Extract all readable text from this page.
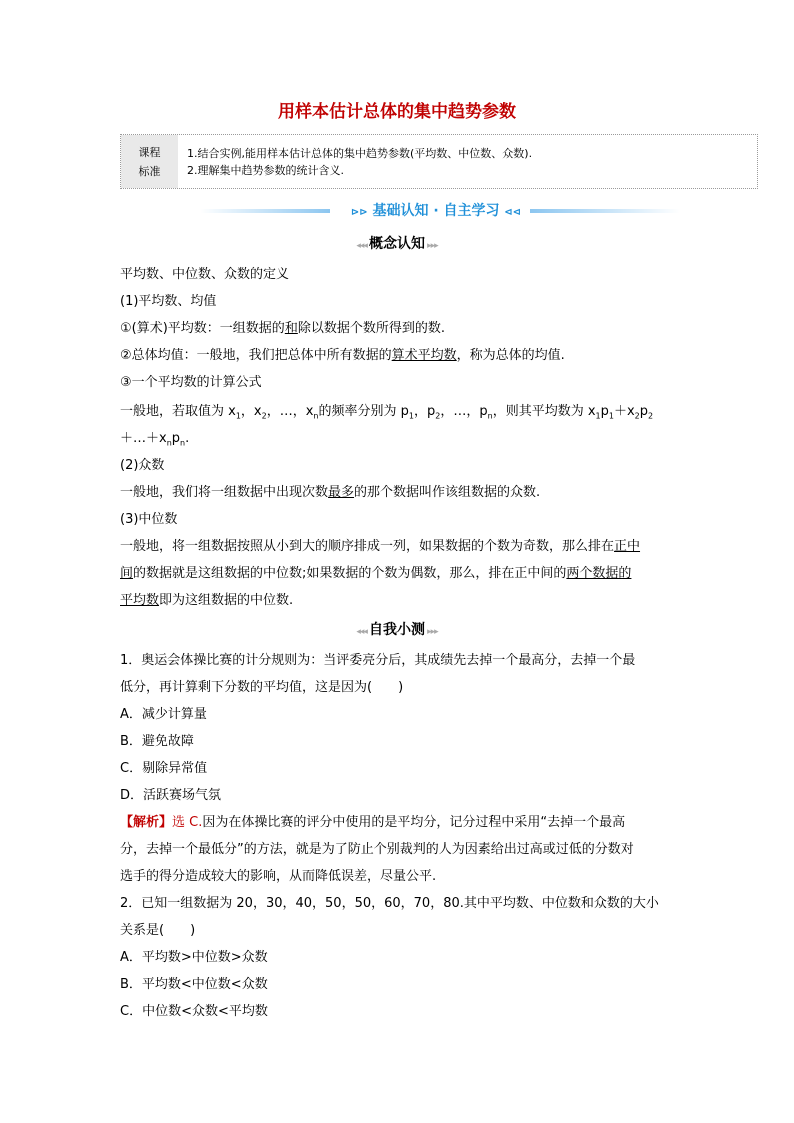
用样本估计总体的集中趋势参数
课程
标准
1.结合实例,能用样本估计总体的集中趋势参数(平均数、中位数、众数).
2.理解集中趋势参数的统计含义.
⊳⊳ 基础认知 · 自主学习 ⊲⊲
◂◂◂ 概念认知 ▸▸▸
平均数、中位数、众数的定义
(1)平均数、均值
①(算术)平均数：一组数据的和除以数据个数所得到的数.
②总体均值：一般地，我们把总体中所有数据的算术平均数，称为总体的均值.
③一个平均数的计算公式
一般地，若取值为 $x_1$，$x_2$，…，$x_n$的频率分别为 $p_1$，$p_2$，…，$p_n$，则其平均数为 $x_1p_1+x_2p_2$
$+\dots+x_np_n$.
(2)众数
一般地，我们将一组数据中出现次数最多的那个数据叫作该组数据的众数.
(3)中位数
一般地，将一组数据按照从小到大的顺序排成一列，如果数据的个数为奇数，那么排在正中
间的数据就是这组数据的中位数;如果数据的个数为偶数，那么，排在正中间的两个数据的
平均数即为这组数据的中位数.
◂◂◂ 自我小测 ▸▸▸
1．奥运会体操比赛的计分规则为：当评委亮分后，其成绩先去掉一个最高分，去掉一个最
低分，再计算剩下分数的平均值，这是因为(　　)
A．减少计算量
B．避免故障
C．剔除异常值
D．活跃赛场气氛
【解析】选 C.因为在体操比赛的评分中使用的是平均分，记分过程中采用“去掉一个最高
分，去掉一个最低分”的方法，就是为了防止个别裁判的人为因素给出过高或过低的分数对
选手的得分造成较大的影响，从而降低误差，尽量公平.
2．已知一组数据为 20，30，40，50，50，60，70，80.其中平均数、中位数和众数的大小
关系是(　　)
A．平均数>中位数>众数
B．平均数<中位数<众数
C．中位数<众数<平均数
